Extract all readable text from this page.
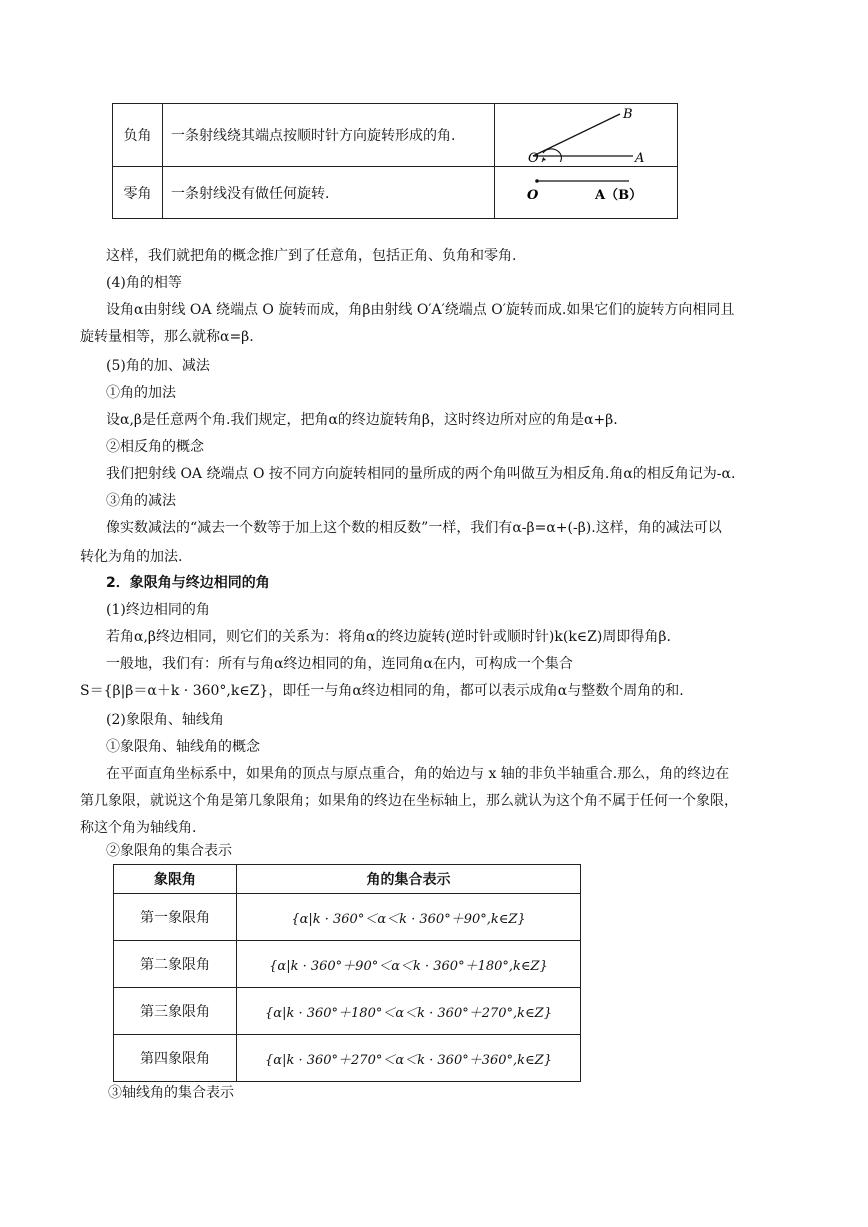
负角	一条射线绕其端点按顺时针方向旋转形成的角.	O A
B

零角	一条射线没有做任何旋转.	O A（B）
这样，我们就把角的概念推广到了任意角，包括正角、负角和零角.
(4)角的相等
设角α由射线 OA 绕端点 O 旋转而成，角β由射线 O′A′绕端点 O′旋转而成.如果它们的旋转方向相同且
旋转量相等，那么就称α=β.
(5)角的加、减法
①角的加法
设α,β是任意两个角.我们规定，把角α的终边旋转角β，这时终边所对应的角是α+β.
②相反角的概念
我们把射线 OA 绕端点 O 按不同方向旋转相同的量所成的两个角叫做互为相反角.角α的相反角记为-α.
③角的减法
像实数减法的“减去一个数等于加上这个数的相反数”一样，我们有α-β=α+(-β).这样，角的减法可以
转化为角的加法.
2．象限角与终边相同的角
(1)终边相同的角
若角α,β终边相同，则它们的关系为：将角α的终边旋转(逆时针或顺时针)k(k∈Z)周即得角β.
一般地，我们有：所有与角α终边相同的角，连同角α在内，可构成一个集合
S＝{β|β＝α＋k · 360°,k∈Z}，即任一与角α终边相同的角，都可以表示成角α与整数个周角的和.
(2)象限角、轴线角
①象限角、轴线角的概念
在平面直角坐标系中，如果角的顶点与原点重合，角的始边与 x 轴的非负半轴重合.那么，角的终边在
第几象限，就说这个角是第几象限角；如果角的终边在坐标轴上，那么就认为这个角不属于任何一个象限，
称这个角为轴线角.
②象限角的集合表示
象限角	角的集合表示
第一象限角	{α|k · 360°＜α＜k · 360°＋90°,k∈Z}
第二象限角	{α|k · 360°＋90°＜α＜k · 360°＋180°,k∈Z}
第三象限角	{α|k · 360°＋180°＜α＜k · 360°＋270°,k∈Z}
第四象限角	{α|k · 360°＋270°＜α＜k · 360°＋360°,k∈Z}
③轴线角的集合表示
